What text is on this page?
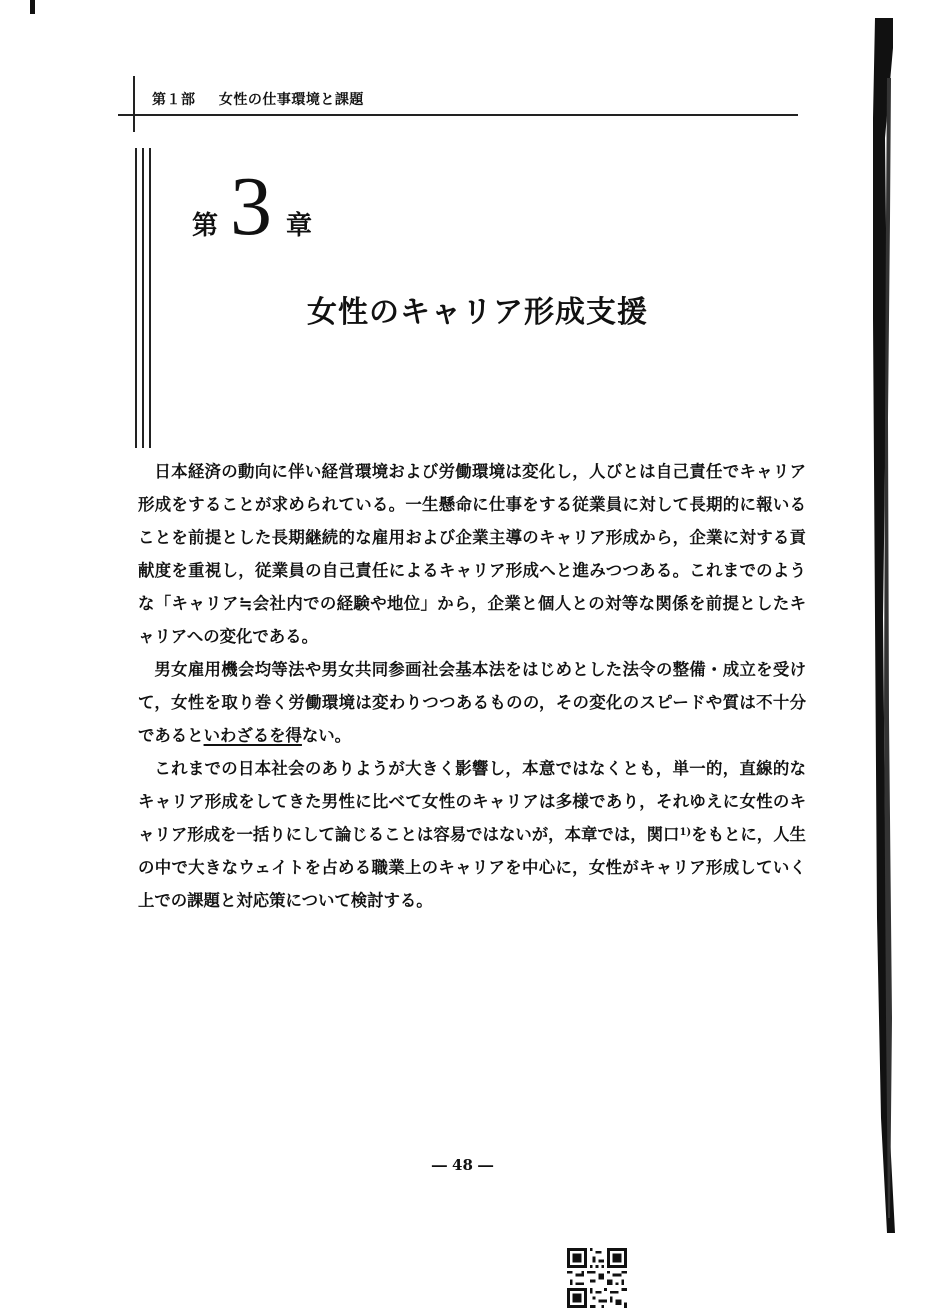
第１部 女性の仕事環境と課題
第 3 章
女性のキャリア形成支援

日本経済の動向に伴い経営環境および労働環境は変化し，人びとは自己責任でキャリア形成をすることが求められている。一生懸命に仕事をする従業員に対して長期的に報いることを前提とした長期継続的な雇用および企業主導のキャリア形成から，企業に対する貢献度を重視し，従業員の自己責任によるキャリア形成へと進みつつある。これまでのような「キャリア≒会社内での経験や地位」から，企業と個人との対等な関係を前提としたキャリアへの変化である。

男女雇用機会均等法や男女共同参画社会基本法をはじめとした法令の整備・成立を受けて，女性を取り巻く労働環境は変わりつつあるものの，その変化のスピードや質は不十分であるといわざるを得ない。

これまでの日本社会のありようが大きく影響し，本意ではなくとも，単一的，直線的なキャリア形成をしてきた男性に比べて女性のキャリアは多様であり，それゆえに女性のキャリア形成を一括りにして論じることは容易ではないが，本章では，関口$^{1)}$をもとに，人生の中で大きなウェイトを占める職業上のキャリアを中心に，女性がキャリア形成していく上での課題と対応策について検討する。

― 48 ―
